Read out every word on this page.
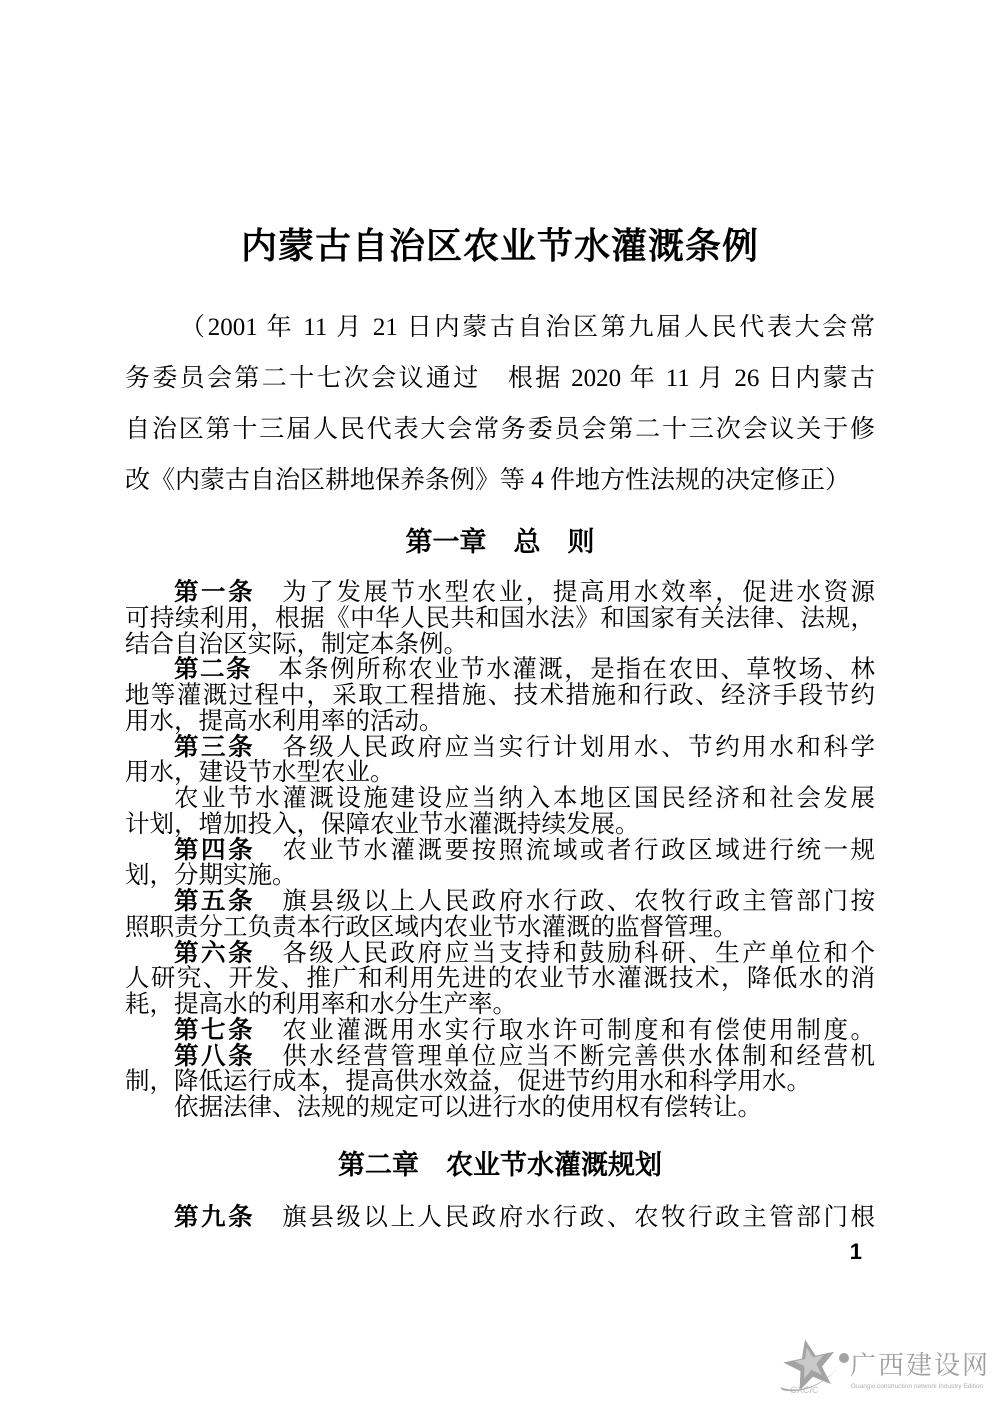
内蒙古自治区农业节水灌溉条例
（2001 年 11 月 21 日内蒙古自治区第九届人民代表大会常
务委员会第二十七次会议通过　根据 2020 年 11 月 26 日内蒙古
自治区第十三届人民代表大会常务委员会第二十三次会议关于修
改《内蒙古自治区耕地保养条例》等 4 件地方性法规的决定修正）
第一章　总　则
第一条　为了发展节水型农业，提高用水效率，促进水资源
可持续利用，根据《中华人民共和国水法》和国家有关法律、法规，
结合自治区实际，制定本条例。
第二条　本条例所称农业节水灌溉，是指在农田、草牧场、林
地等灌溉过程中，采取工程措施、技术措施和行政、经济手段节约
用水，提高水利用率的活动。
第三条　各级人民政府应当实行计划用水、节约用水和科学
用水，建设节水型农业。
农业节水灌溉设施建设应当纳入本地区国民经济和社会发展
计划，增加投入，保障农业节水灌溉持续发展。
第四条　农业节水灌溉要按照流域或者行政区域进行统一规
划，分期实施。
第五条　旗县级以上人民政府水行政、农牧行政主管部门按
照职责分工负责本行政区域内农业节水灌溉的监督管理。
第六条　各级人民政府应当支持和鼓励科研、生产单位和个
人研究、开发、推广和利用先进的农业节水灌溉技术，降低水的消
耗，提高水的利用率和水分生产率。
第七条　农业灌溉用水实行取水许可制度和有偿使用制度。
第八条　供水经营管理单位应当不断完善供水体制和经营机
制，降低运行成本，提高供水效益，促进节约用水和科学用水。
依据法律、法规的规定可以进行水的使用权有偿转让。
第二章　农业节水灌溉规划
第九条　旗县级以上人民政府水行政、农牧行政主管部门根
1
GXCIC
广西建设网
Guangxi construction network Industry Edition
